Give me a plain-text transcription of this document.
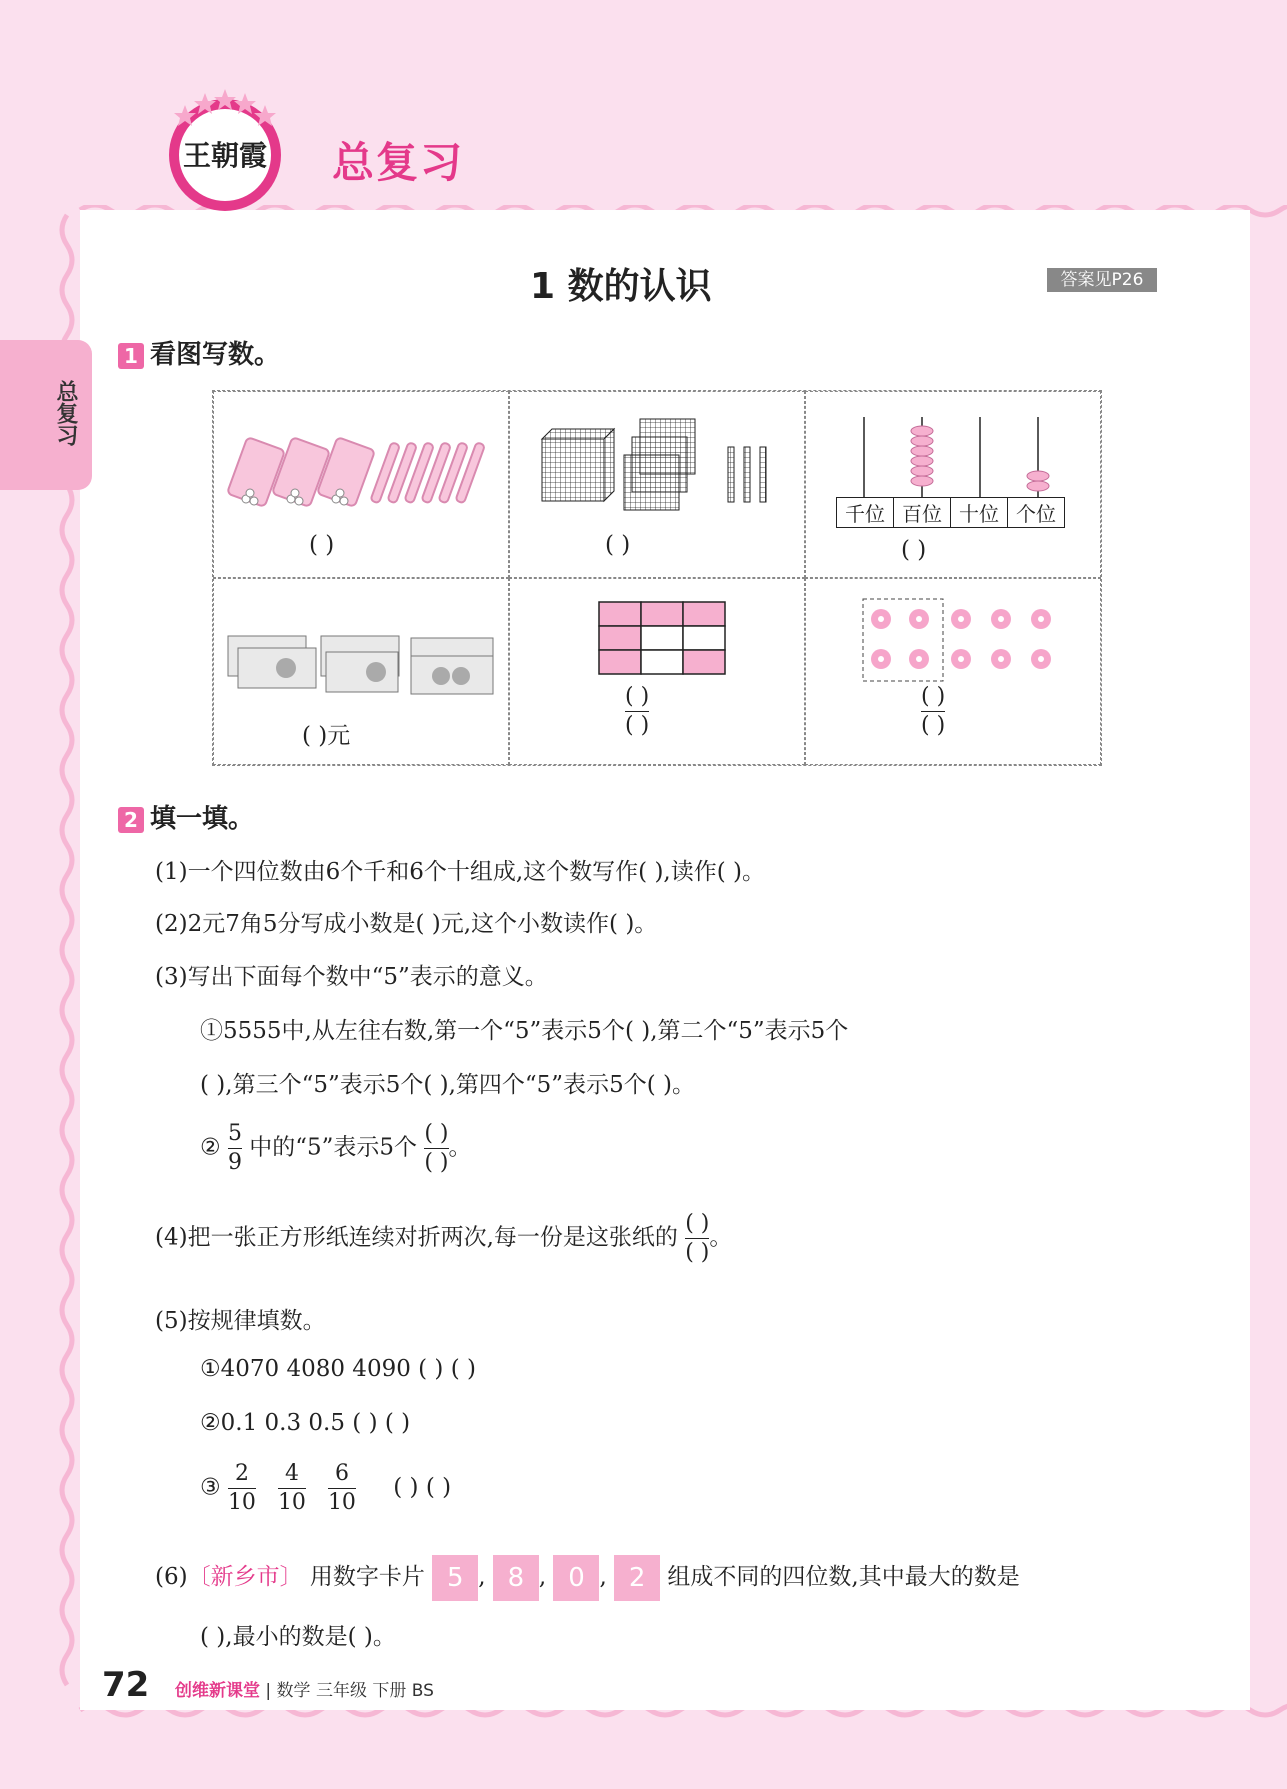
王朝霞 总复习
总复习
1 数的认识	答案见P26
1 看图写数。
( )	( )
千位 百位 十位 个位
( )
( )元
( )
( )
( )
( )
2 填一填。
(1)一个四位数由6个千和6个十组成,这个数写作( ),读作( )。
(2)2元7角5分写成小数是( )元,这个小数读作( )。
(3)写出下面每个数中“5”表示的意义。
①5555中,从左往右数,第一个“5”表示5个( ),第二个“5”表示5个
( ),第三个“5”表示5个( ),第四个“5”表示5个( )。
② $\frac{5}{9}$ 中的“5”表示5个 $\frac{( )}{( )}$ 。
(4)把一张正方形纸连续对折两次,每一份是这张纸的 $\frac{( )}{( )}$ 。
(5)按规律填数。
①4070 4080 4090 ( ) ( )
②0.1 0.3 0.5 ( ) ( )
③ $\frac{2}{10} \frac{4}{10} \frac{6}{10}$ ( ) ( )
(6)〔新乡市〕 用数字卡片 5 , 8 , 0 , 2 组成不同的四位数,其中最大的数是
( ),最小的数是( )。
72 创维新课堂 | 数学 三年级 下册 BS
